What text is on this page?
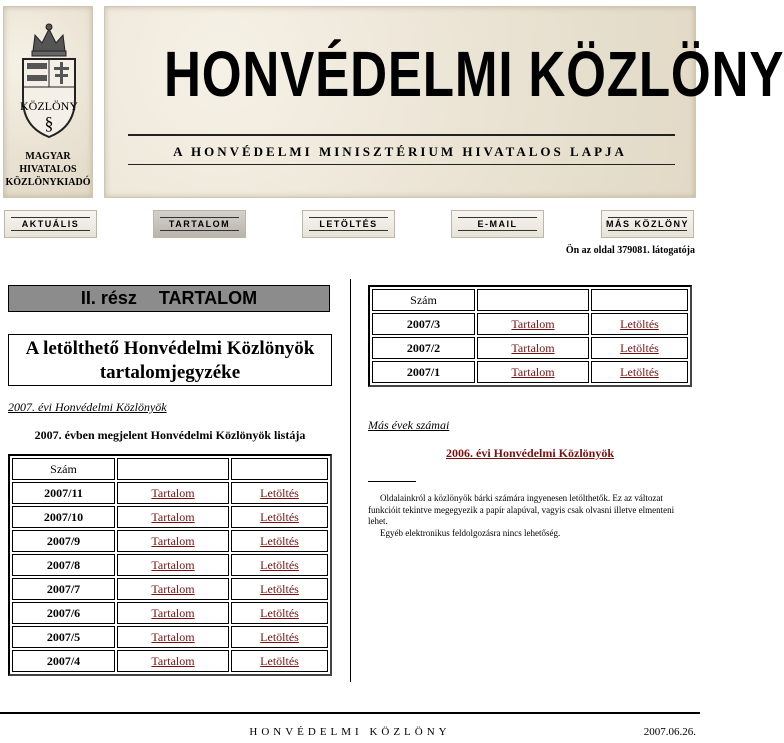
KÖZLÖNY
§
MAGYAR
HIVATALOS
KÖZLÖNYKIADÓ
HONVÉDELMI KÖZLÖNY
A HONVÉDELMI MINISZTÉRIUM HIVATALOS LAPJA
AKTUÁLIS	TARTALOM	LETÖLTÉS	E-MAIL	MÁS KÖZLÖNY
Ön az oldal 379081. látogatója
II. rész TARTALOM
A letölthető Honvédelmi Közlönyök
tartalomjegyzéke
2007. évi Honvédelmi Közlönyök
2007. évben megjelent Honvédelmi Közlönyök listája
Szám		
2007/11	Tartalom	Letöltés
2007/10	Tartalom	Letöltés
2007/9	Tartalom	Letöltés
2007/8	Tartalom	Letöltés
2007/7	Tartalom	Letöltés
2007/6	Tartalom	Letöltés
2007/5	Tartalom	Letöltés
2007/4	Tartalom	Letöltés
Szám		
2007/3	Tartalom	Letöltés
2007/2	Tartalom	Letöltés
2007/1	Tartalom	Letöltés
Más évek számai
2006. évi Honvédelmi Közlönyök

Oldalainkról a közlönyök bárki számára ingyenesen letölthetők. Ez az változat funkcióit tekintve megegyezik a papír alapúval, vagyis csak olvasni illetve elmenteni lehet.

Egyéb elektronikus feldolgozásra nincs lehetőség.

HONVÉDELMI KÖZLÖNY	2007.06.26.
